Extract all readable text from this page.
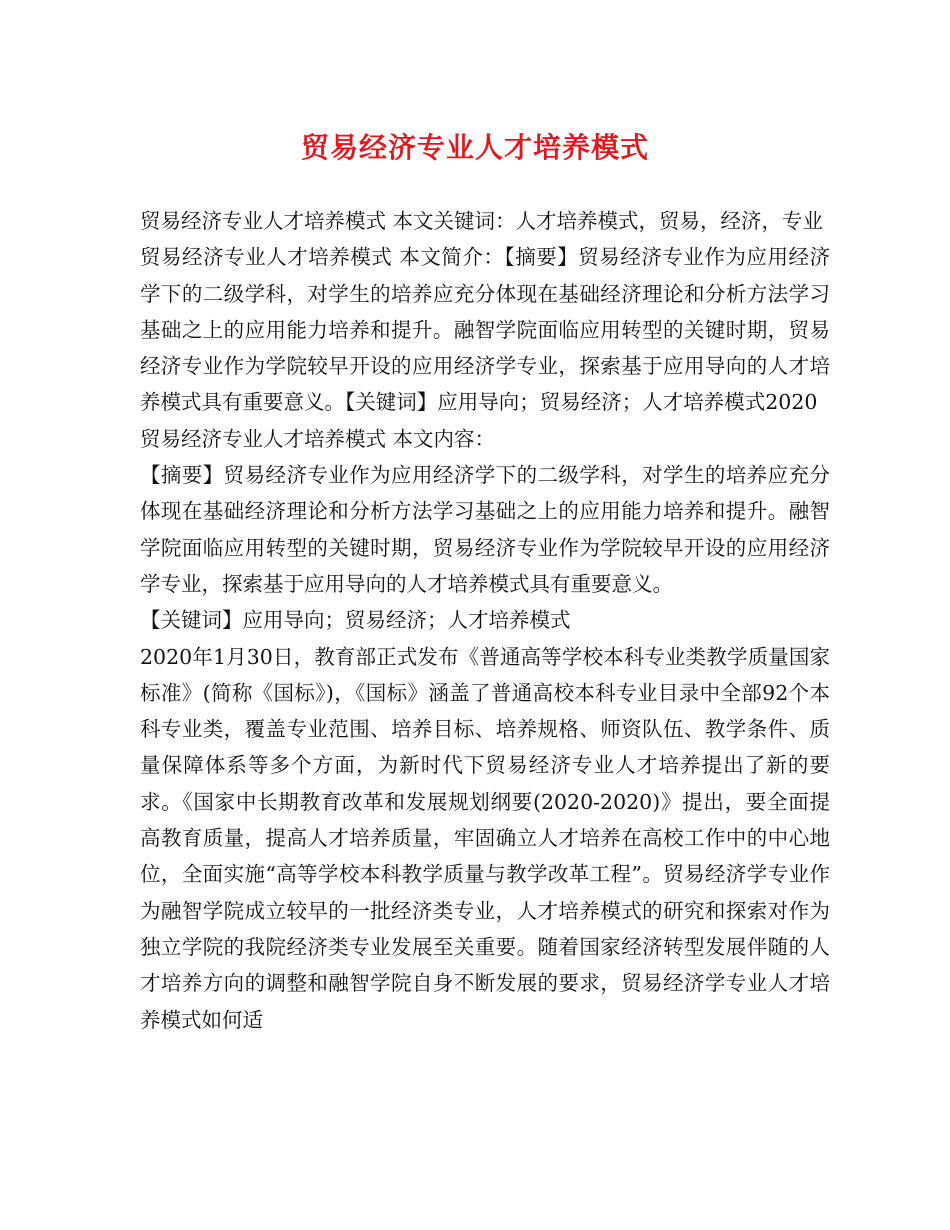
贸易经济专业人才培养模式

贸易经济专业人才培养模式 本文关键词：人才培养模式，贸易，经济，专业

贸易经济专业人才培养模式 本文简介：【摘要】贸易经济专业作为应用经济学下的二级学科，对学生的培养应充分体现在基础经济理论和分析方法学习基础之上的应用能力培养和提升。融智学院面临应用转型的关键时期，贸易经济专业作为学院较早开设的应用经济学专业，探索基于应用导向的人才培养模式具有重要意义。【关键词】应用导向；贸易经济；人才培养模式2020

贸易经济专业人才培养模式 本文内容：

【摘要】贸易经济专业作为应用经济学下的二级学科，对学生的培养应充分体现在基础经济理论和分析方法学习基础之上的应用能力培养和提升。融智学院面临应用转型的关键时期，贸易经济专业作为学院较早开设的应用经济学专业，探索基于应用导向的人才培养模式具有重要意义。

【关键词】应用导向；贸易经济；人才培养模式

2020年1月30日，教育部正式发布《普通高等学校本科专业类教学质量国家标准》(简称《国标》)，《国标》涵盖了普通高校本科专业目录中全部92个本科专业类，覆盖专业范围、培养目标、培养规格、师资队伍、教学条件、质量保障体系等多个方面，为新时代下贸易经济专业人才培养提出了新的要求。《国家中长期教育改革和发展规划纲要(2020-2020)》提出，要全面提高教育质量，提高人才培养质量，牢固确立人才培养在高校工作中的中心地位，全面实施“高等学校本科教学质量与教学改革工程”。贸易经济学专业作为融智学院成立较早的一批经济类专业，人才培养模式的研究和探索对作为独立学院的我院经济类专业发展至关重要。随着国家经济转型发展伴随的人才培养方向的调整和融智学院自身不断发展的要求，贸易经济学专业人才培养模式如何适
